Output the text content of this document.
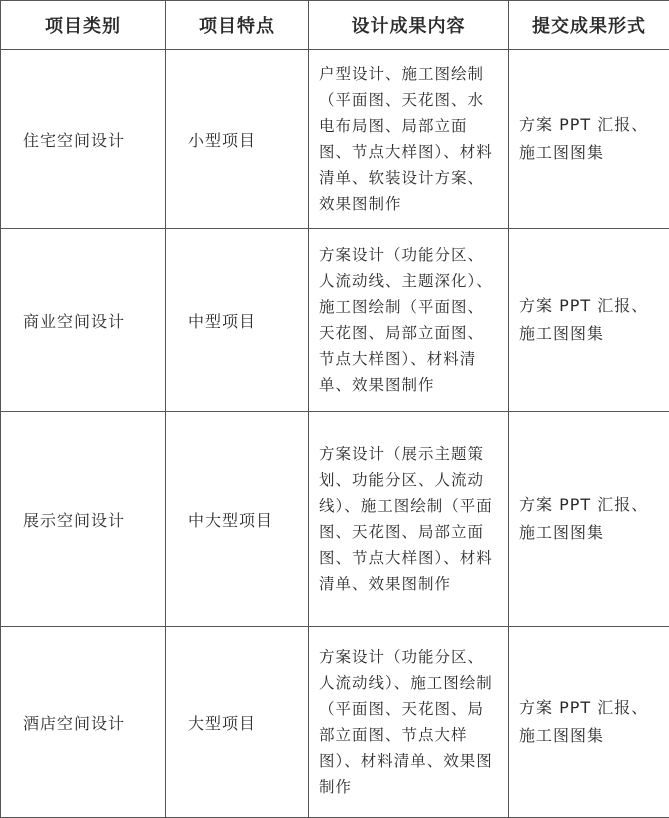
项目类别	项目特点	设计成果内容	提交成果形式
住宅空间设计	小型项目	户型设计、施工图绘制（平面图、天花图、水电布局图、局部立面图、节点大样图）、材料清单、软装设计方案、效果图制作	方案 PPT 汇报、施工图图集
商业空间设计	中型项目	方案设计（功能分区、人流动线、主题深化）、施工图绘制（平面图、天花图、局部立面图、节点大样图）、材料清单、效果图制作	方案 PPT 汇报、施工图图集
展示空间设计	中大型项目	方案设计（展示主题策划、功能分区、人流动线）、施工图绘制（平面图、天花图、局部立面图、节点大样图）、材料清单、效果图制作	方案 PPT 汇报、施工图图集
酒店空间设计	大型项目	方案设计（功能分区、人流动线）、施工图绘制（平面图、天花图、局部立面图、节点大样图）、材料清单、效果图制作	方案 PPT 汇报、施工图图集
